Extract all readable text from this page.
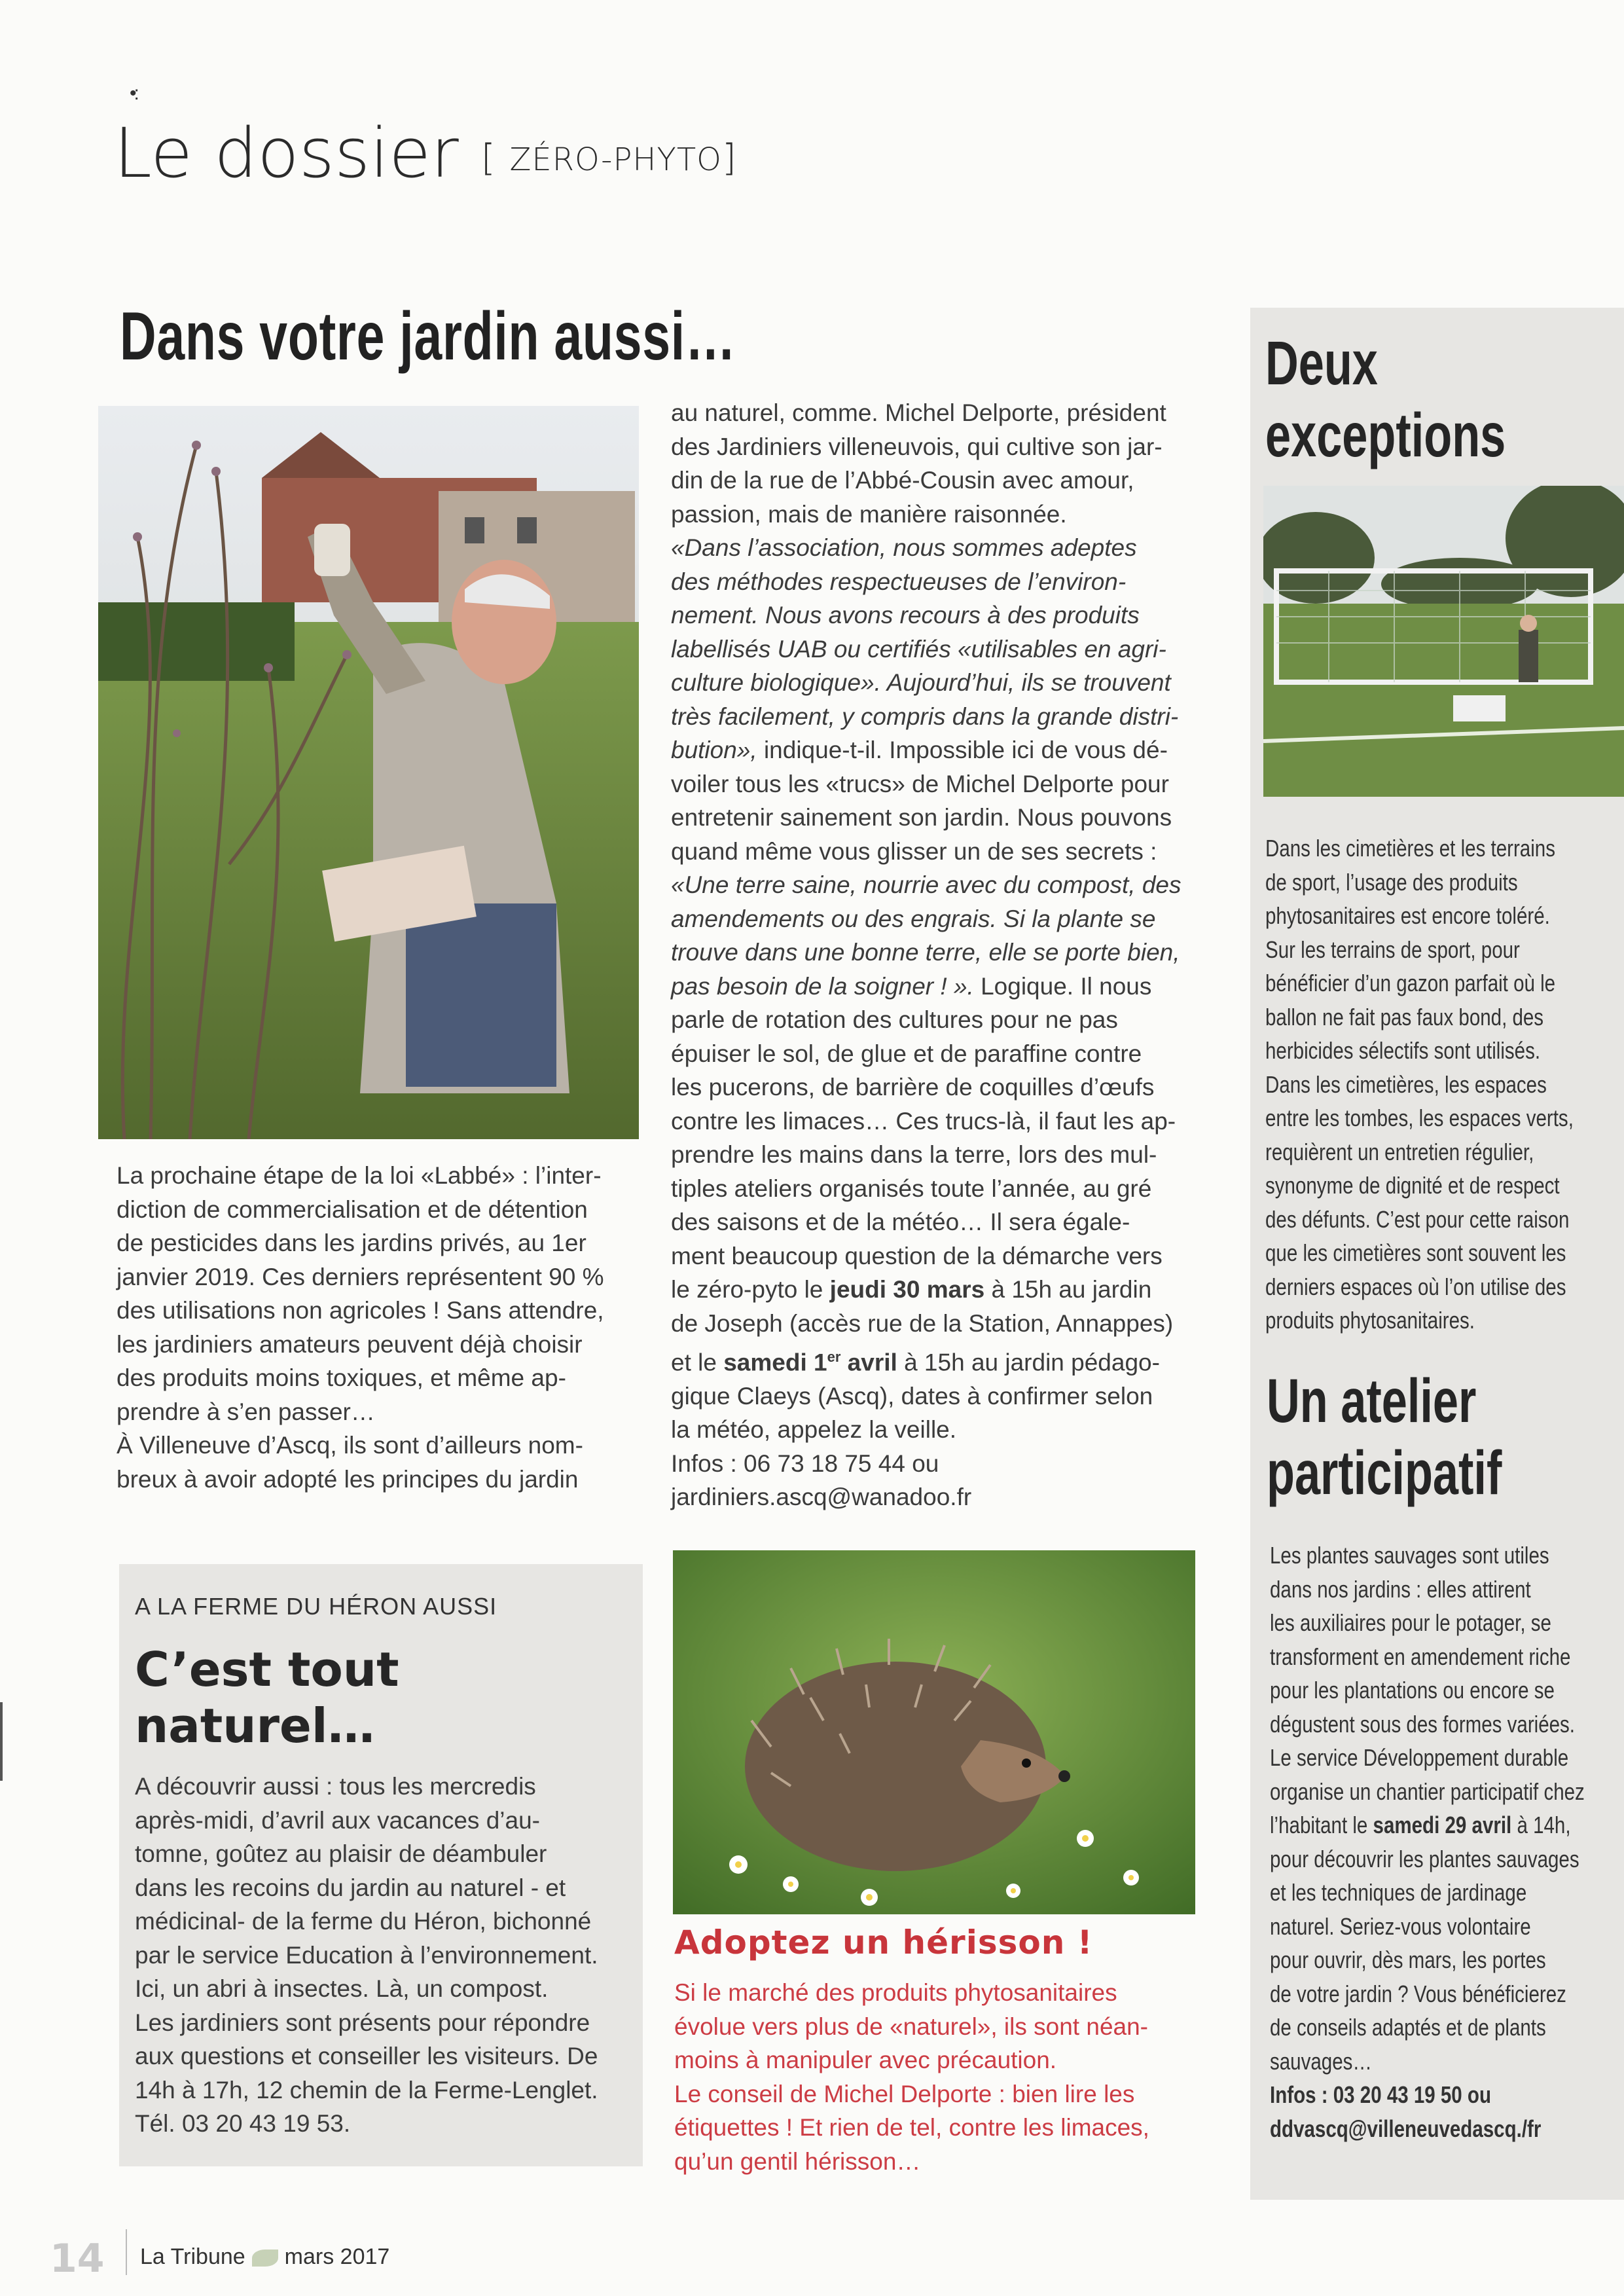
•:
Le dossier [ ZÉRO-PHYTO]
Dans votre jardin aussi…

La prochaine étape de la loi «Labbé» : l’inter-

diction de commercialisation et de détention

de pesticides dans les jardins privés, au 1er

janvier 2019. Ces derniers représentent 90 %

des utilisations non agricoles ! Sans attendre,

les jardiniers amateurs peuvent déjà choisir

des produits moins toxiques, et même ap-

prendre à s’en passer…

À Villeneuve d’Ascq, ils sont d’ailleurs nom-

breux à avoir adopté les principes du jardin

au naturel, comme. Michel Delporte, président

des Jardiniers villeneuvois, qui cultive son jar-

din de la rue de l’Abbé-Cousin avec amour,

passion, mais de manière raisonnée.

«Dans l’association, nous sommes adeptes

des méthodes respectueuses de l’environ-

nement. Nous avons recours à des produits

labellisés UAB ou certifiés «utilisables en agri-

culture biologique». Aujourd’hui, ils se trouvent

très facilement, y compris dans la grande distri-

bution», indique-t-il. Impossible ici de vous dé-

voiler tous les «trucs» de Michel Delporte pour

entretenir sainement son jardin. Nous pouvons

quand même vous glisser un de ses secrets :

«Une terre saine, nourrie avec du compost, des

amendements ou des engrais. Si la plante se

trouve dans une bonne terre, elle se porte bien,

pas besoin de la soigner ! ». Logique. Il nous

parle de rotation des cultures pour ne pas

épuiser le sol, de glue et de paraffine contre

les pucerons, de barrière de coquilles d’œufs

contre les limaces… Ces trucs-là, il faut les ap-

prendre les mains dans la terre, lors des mul-

tiples ateliers organisés toute l’année, au gré

des saisons et de la météo… Il sera égale-

ment beaucoup question de la démarche vers

le zéro-pyto le jeudi 30 mars à 15h au jardin

de Joseph (accès rue de la Station, Annappes)

et le samedi 1er avril à 15h au jardin pédago-

gique Claeys (Ascq), dates à confirmer selon

la météo, appelez la veille.

Infos : 06 73 18 75 44 ou

jardiniers.ascq@wanadoo.fr

Deux
exceptions
Dans les cimetières et les terrains
de sport, l’usage des produits
phytosanitaires est encore toléré.
Sur les terrains de sport, pour
bénéficier d’un gazon parfait où le
ballon ne fait pas faux bond, des
herbicides sélectifs sont utilisés.
Dans les cimetières, les espaces
entre les tombes, les espaces verts,
requièrent un entretien régulier,
synonyme de dignité et de respect
des défunts. C’est pour cette raison
que les cimetières sont souvent les
derniers espaces où l’on utilise des
produits phytosanitaires.
Un atelier
participatif
Les plantes sauvages sont utiles
dans nos jardins : elles attirent
les auxiliaires pour le potager, se
transforment en amendement riche
pour les plantations ou encore se
dégustent sous des formes variées.
Le service Développement durable
organise un chantier participatif chez
l’habitant le samedi 29 avril à 14h,
pour découvrir les plantes sauvages
et les techniques de jardinage
naturel. Seriez-vous volontaire
pour ouvrir, dès mars, les portes
de votre jardin ? Vous bénéficierez
de conseils adaptés et de plants
sauvages…
Infos : 03 20 43 19 50 ou
ddvascq@villeneuvedascq./fr
A LA FERME DU HÉRON AUSSI
C’est tout
naturel…

A découvrir aussi : tous les mercredis

après-midi, d’avril aux vacances d’au-

tomne, goûtez au plaisir de déambuler

dans les recoins du jardin au naturel - et

médicinal- de la ferme du Héron, bichonné

par le service Education à l’environnement.

Ici, un abri à insectes. Là, un compost.

Les jardiniers sont présents pour répondre

aux questions et conseiller les visiteurs. De

14h à 17h, 12 chemin de la Ferme-Lenglet.

Tél. 03 20 43 19 53.

Adoptez un hérisson !

Si le marché des produits phytosanitaires

évolue vers plus de «naturel», ils sont néan-

moins à manipuler avec précaution.

Le conseil de Michel Delporte : bien lire les

étiquettes ! Et rien de tel, contre les limaces,

qu’un gentil hérisson…

14 La Tribune mars 2017
